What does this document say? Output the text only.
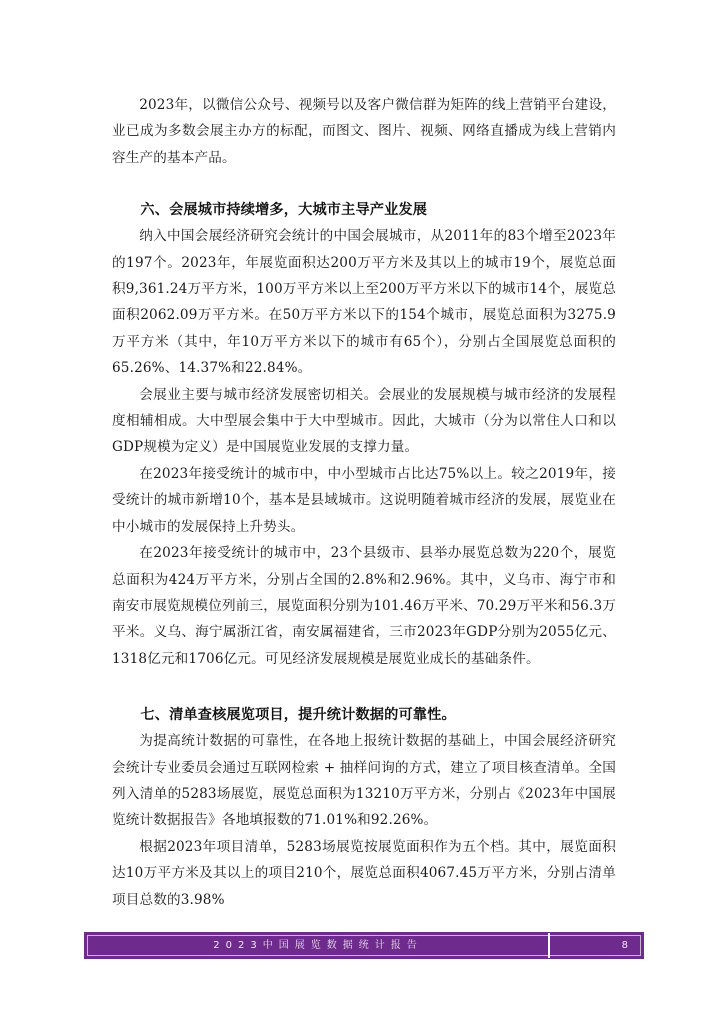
2023年，以微信公众号、视频号以及客户微信群为矩阵的线上营销平台建设，业已成为多数会展主办方的标配，而图文、图片、视频、网络直播成为线上营销内容生产的基本产品。

六、会展城市持续增多，大城市主导产业发展

纳入中国会展经济研究会统计的中国会展城市，从2011年的83个增至2023年的197个。2023年，年展览面积达200万平方米及其以上的城市19个，展览总面积9,361.24万平方米，100万平方米以上至200万平方米以下的城市14个，展览总面积2062.09万平方米。在50万平方米以下的154个城市，展览总面积为3275.9万平方米（其中，年10万平方米以下的城市有65个），分别占全国展览总面积的65.26%、14.37%和22.84%。

会展业主要与城市经济发展密切相关。会展业的发展规模与城市经济的发展程度相辅相成。大中型展会集中于大中型城市。因此，大城市（分为以常住人口和以GDP规模为定义）是中国展览业发展的支撑力量。

在2023年接受统计的城市中，中小型城市占比达75%以上。较之2019年，接受统计的城市新增10个，基本是县域城市。这说明随着城市经济的发展，展览业在中小城市的发展保持上升势头。

在2023年接受统计的城市中，23个县级市、县举办展览总数为220个，展览总面积为424万平方米，分别占全国的2.8%和2.96%。其中，义乌市、海宁市和南安市展览规模位列前三，展览面积分别为101.46万平米、70.29万平米和56.3万平米。义乌、海宁属浙江省，南安属福建省，三市2023年GDP分别为2055亿元、1318亿元和1706亿元。可见经济发展规模是展览业成长的基础条件。

七、清单查核展览项目，提升统计数据的可靠性。

为提高统计数据的可靠性，在各地上报统计数据的基础上，中国会展经济研究会统计专业委员会通过互联网检索 + 抽样问询的方式，建立了项目核查清单。全国列入清单的5283场展览，展览总面积为13210万平方米，分别占《2023年中国展览统计数据报告》各地填报数的71.01%和92.26%。

根据2023年项目清单，5283场展览按展览面积作为五个档。其中，展览面积达10万平方米及其以上的项目210个，展览总面积4067.45万平方米，分别占清单项目总数的3.98%

2023中国展览数据统计报告	8
